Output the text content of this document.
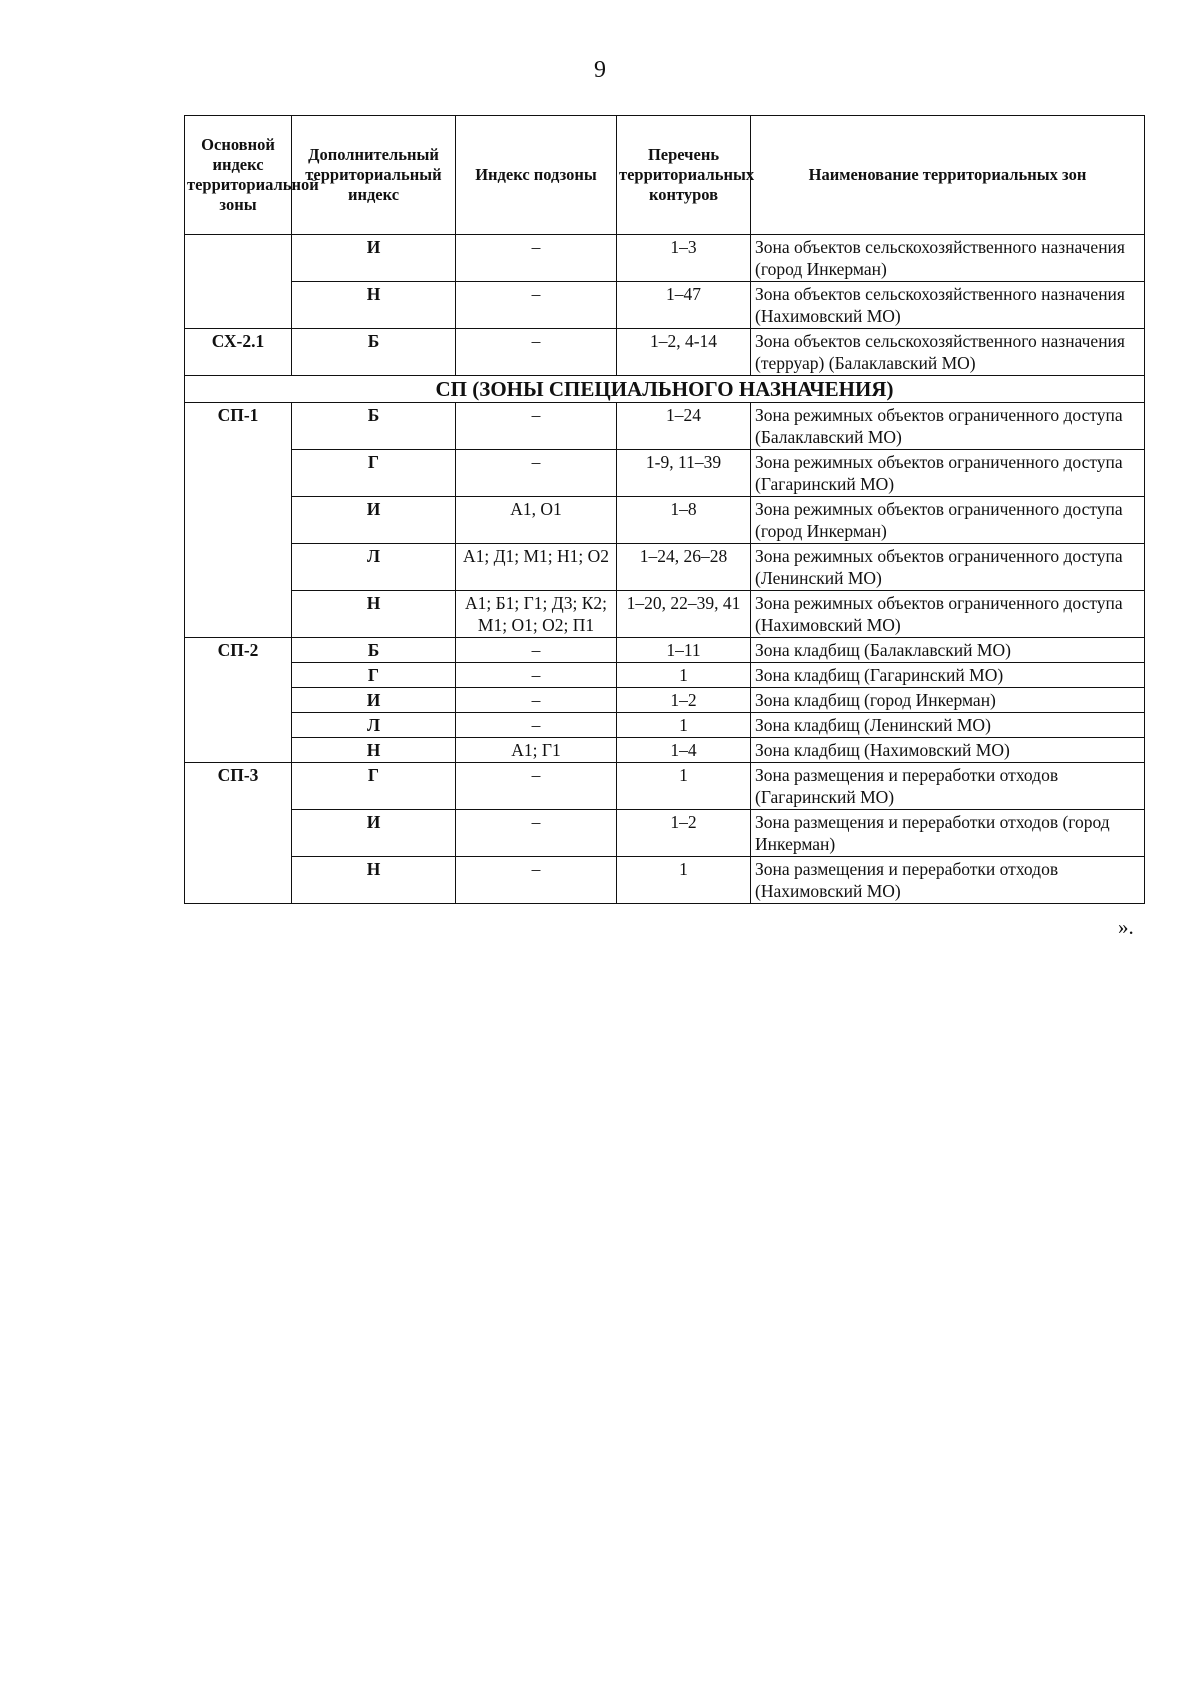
9
Основной индекс территориальной зоны	Дополнительный территориальный индекс	Индекс подзоны	Перечень территориальных контуров	Наименование территориальных зон
	И	–	1–3	Зона объектов сельскохозяйственного назначения (город Инкерман)
	Н	–	1–47	Зона объектов сельскохозяйственного назначения (Нахимовский МО)
СХ-2.1	Б	–	1–2, 4-14	Зона объектов сельскохозяйственного назначения (терруар) (Балаклавский МО)
СП (ЗОНЫ СПЕЦИАЛЬНОГО НАЗНАЧЕНИЯ)				
СП-1	Б	–	1–24	Зона режимных объектов ограниченного доступа (Балаклавский МО)
	Г	–	1-9, 11–39	Зона режимных объектов ограниченного доступа (Гагаринский МО)
	И	А1, О1	1–8	Зона режимных объектов ограниченного доступа (город Инкерман)
	Л	А1; Д1; М1; Н1; О2	1–24, 26–28	Зона режимных объектов ограниченного доступа (Ленинский МО)
	Н	А1; Б1; Г1; Д3; К2; М1; О1; О2; П1	1–20, 22–39, 41	Зона режимных объектов ограниченного доступа (Нахимовский МО)
СП-2	Б	–	1–11	Зона кладбищ (Балаклавский МО)
	Г	–	1	Зона кладбищ (Гагаринский МО)
	И	–	1–2	Зона кладбищ (город Инкерман)
	Л	–	1	Зона кладбищ (Ленинский МО)
	Н	А1; Г1	1–4	Зона кладбищ (Нахимовский МО)
СП-3	Г	–	1	Зона размещения и переработки отходов (Гагаринский МО)
	И	–	1–2	Зона размещения и переработки отходов (город Инкерман)
	Н	–	1	Зона размещения и переработки отходов (Нахимовский МО)
».
